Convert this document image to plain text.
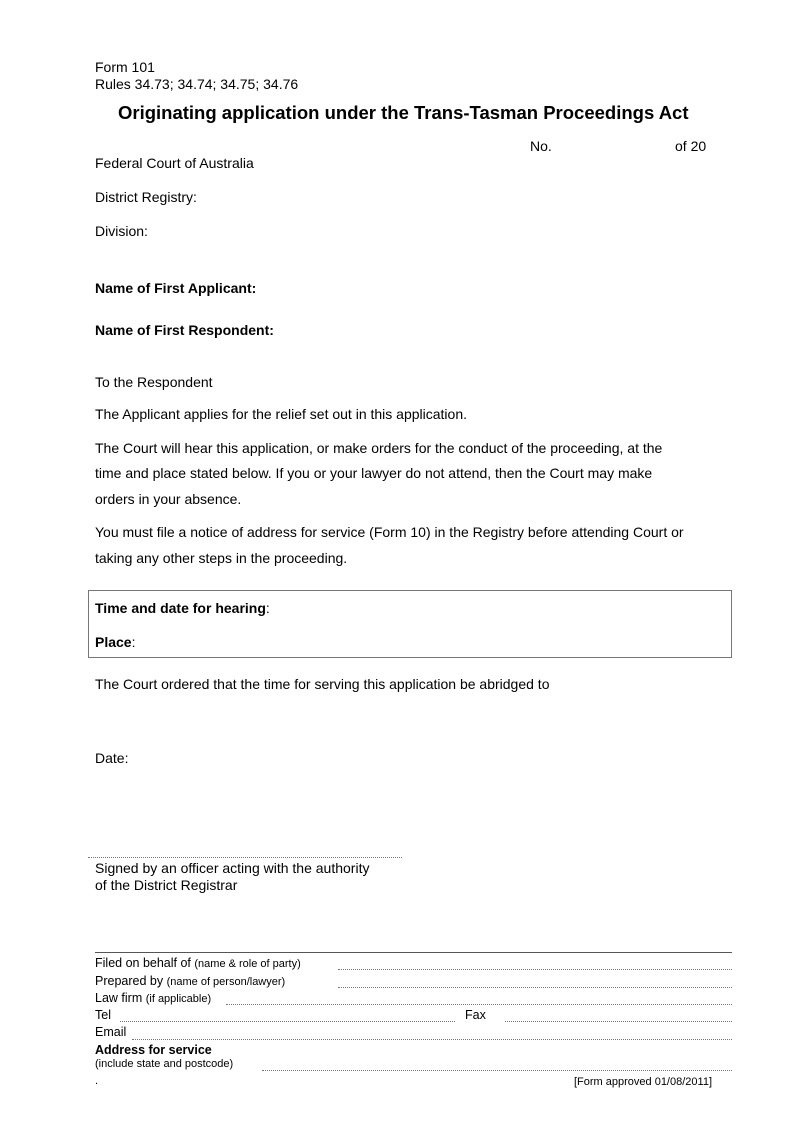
Form 101
Rules 34.73; 34.74; 34.75; 34.76
Originating application under the Trans-Tasman Proceedings Act
No.	of 20
Federal Court of Australia
District Registry:
Division:
Name of First Applicant:
Name of First Respondent:
To the Respondent
The Applicant applies for the relief set out in this application.
The Court will hear this application, or make orders for the conduct of the proceeding, at the
time and place stated below. If you or your lawyer do not attend, then the Court may make
orders in your absence.
You must file a notice of address for service (Form 10) in the Registry before attending Court or
taking any other steps in the proceeding.
Time and date for hearing:
Place:
The Court ordered that the time for serving this application be abridged to
Date:
Signed by an officer acting with the authority
of the District Registrar
Filed on behalf of (name & role of party)
Prepared by (name of person/lawyer)
Law firm (if applicable)
Tel	Fax
Email
Address for service
(include state and postcode)
.	[Form approved 01/08/2011]
